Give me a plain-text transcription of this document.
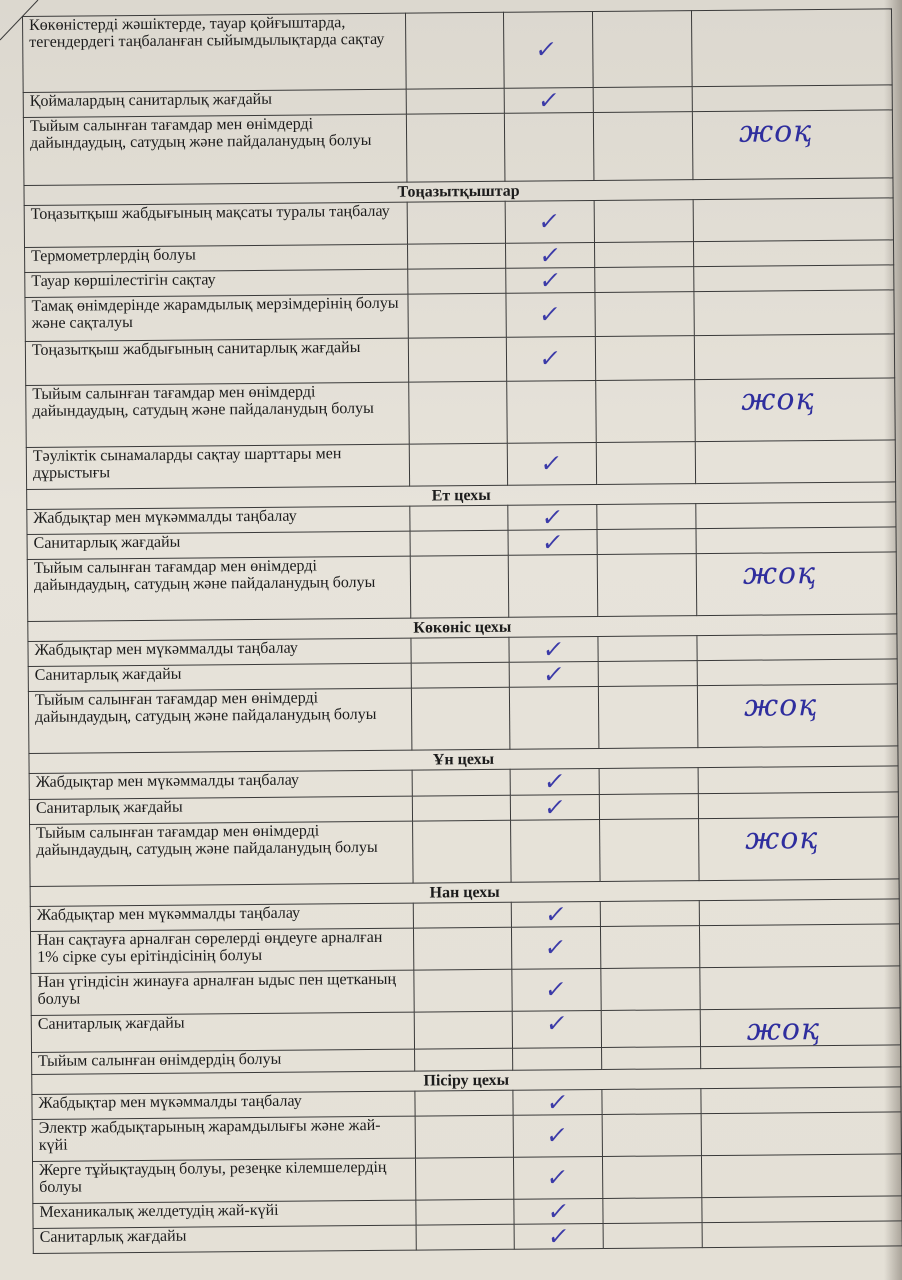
Көкөністерді жәшіктерде, тауар қойғыштарда, тегендердегі таңбаланған сыйымдылықтарда сақтау		✓		

Қоймалардың санитарлық жағдайы		✓		

Тыйым салынған тағамдар мен өнімдерді дайындаудың, сатудың және пайдаланудың болуы				жоқ

Тоңазытқыштар				
Тоңазытқыш жабдығының мақсаты туралы таңбалау		✓		

Термометрлердің болуы		✓		

Тауар көршілестігін сақтау		✓		

Тамақ өнімдерінде жарамдылық мерзімдерінің болуы және сақталуы		✓		

Тоңазытқыш жабдығының санитарлық жағдайы		✓		

Тыйым салынған тағамдар мен өнімдерді дайындаудың, сатудың және пайдаланудың болуы				жоқ

Тәуліктік сынамаларды сақтау шарттары мен дұрыстығы		✓		

Ет цехы				
Жабдықтар мен мүкәммалды таңбалау		✓		

Санитарлық жағдайы		✓		

Тыйым салынған тағамдар мен өнімдерді дайындаудың, сатудың және пайдаланудың болуы				жоқ

Көкөніс цехы				
Жабдықтар мен мүкәммалды таңбалау		✓		

Санитарлық жағдайы		✓		

Тыйым салынған тағамдар мен өнімдерді дайындаудың, сатудың және пайдаланудың болуы				жоқ

Ұн цехы				
Жабдықтар мен мүкәммалды таңбалау		✓		

Санитарлық жағдайы		✓		

Тыйым салынған тағамдар мен өнімдерді дайындаудың, сатудың және пайдаланудың болуы				жоқ

Нан цехы				
Жабдықтар мен мүкәммалды таңбалау		✓		

Нан сақтауға арналған сөрелерді өңдеуге арналған 1% сірке суы ерітіндісінің болуы		✓		

Нан үгіндісін жинауға арналған ыдыс пен щетканың болуы		✓		

Санитарлық жағдайы		✓		жоқ

Тыйым салынған өнімдердің болуы		

Пісіру цехы				
Жабдықтар мен мүкәммалды таңбалау		✓		

Электр жабдықтарының жарамдылығы және жай-күйі		✓		

Жерге тұйықтаудың болуы, резеңке кілемшелердің болуы		✓		

Механикалық желдетудің жай-күйі		✓		

Санитарлық жағдайы		✓		
